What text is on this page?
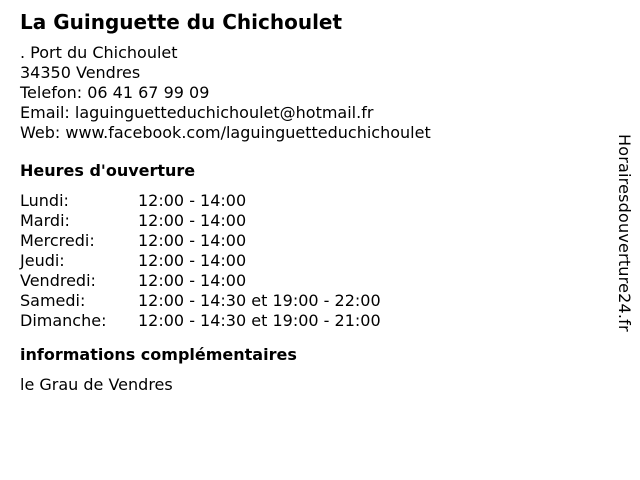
La Guinguette du Chichoulet
. Port du Chichoulet
34350 Vendres
Telefon: 06 41 67 99 09
Email: laguinguetteduchichoulet@hotmail.fr
Web: www.facebook.com/laguinguetteduchichoulet
Heures d'ouverture
Lundi:	12:00 - 14:00
Mardi:	12:00 - 14:00
Mercredi:	12:00 - 14:00
Jeudi:	12:00 - 14:00
Vendredi:	12:00 - 14:00
Samedi:	12:00 - 14:30 et 19:00 - 22:00
Dimanche:	12:00 - 14:30 et 19:00 - 21:00
informations complémentaires
le Grau de Vendres
Horairesdouverture24.fr
